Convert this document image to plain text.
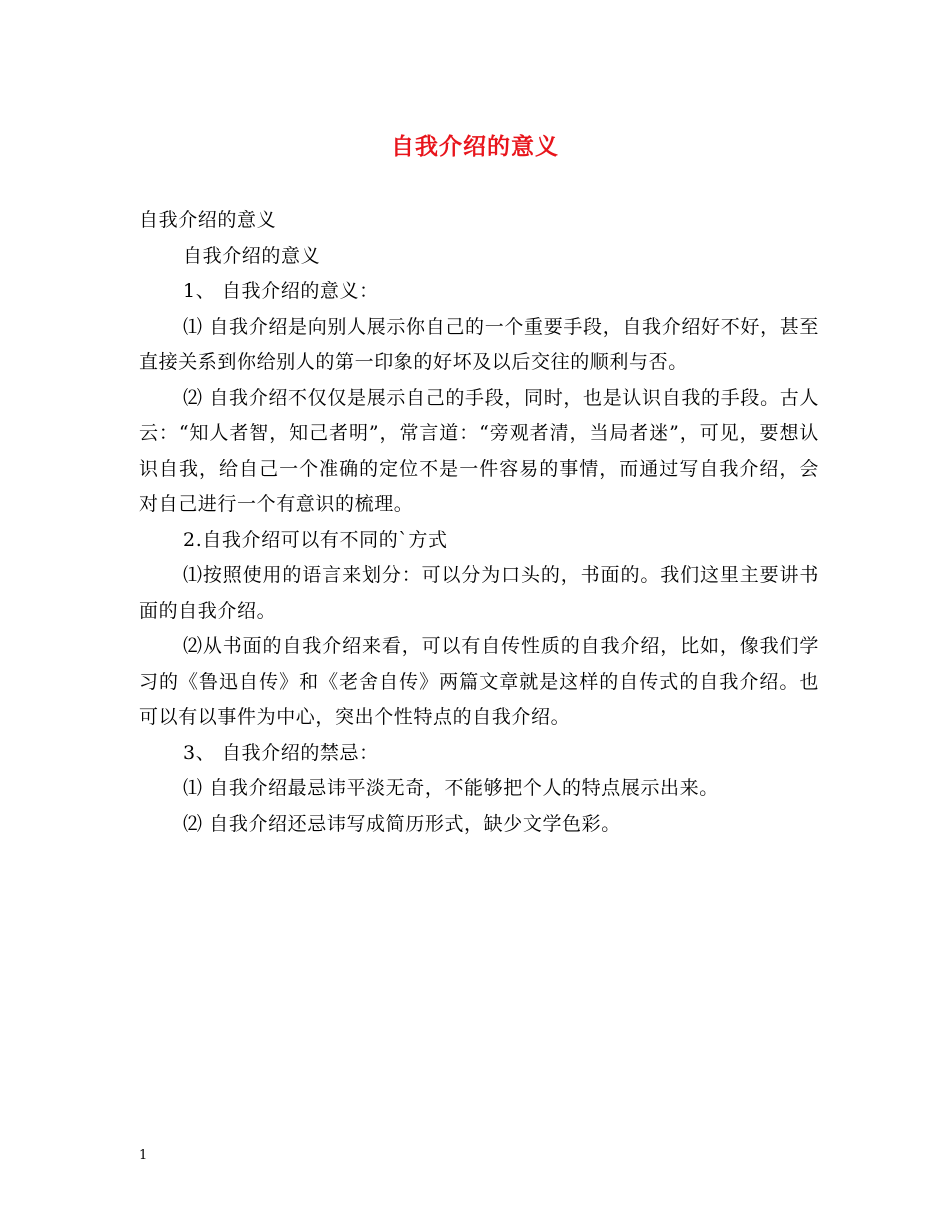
自我介绍的意义

自我介绍的意义

自我介绍的意义

1、 自我介绍的意义：

⑴ 自我介绍是向别人展示你自己的一个重要手段，自我介绍好不好，甚至直接关系到你给别人的第一印象的好坏及以后交往的顺利与否。

⑵ 自我介绍不仅仅是展示自己的手段，同时，也是认识自我的手段。古人云：“知人者智，知己者明”，常言道：“旁观者清，当局者迷”，可见，要想认识自我，给自己一个准确的定位不是一件容易的事情，而通过写自我介绍，会对自己进行一个有意识的梳理。

2.自我介绍可以有不同的`方式

⑴按照使用的语言来划分：可以分为口头的，书面的。我们这里主要讲书面的自我介绍。

⑵从书面的自我介绍来看，可以有自传性质的自我介绍，比如，像我们学习的《鲁迅自传》和《老舍自传》两篇文章就是这样的自传式的自我介绍。也可以有以事件为中心，突出个性特点的自我介绍。

3、 自我介绍的禁忌：

⑴ 自我介绍最忌讳平淡无奇，不能够把个人的特点展示出来。

⑵ 自我介绍还忌讳写成简历形式，缺少文学色彩。

1
